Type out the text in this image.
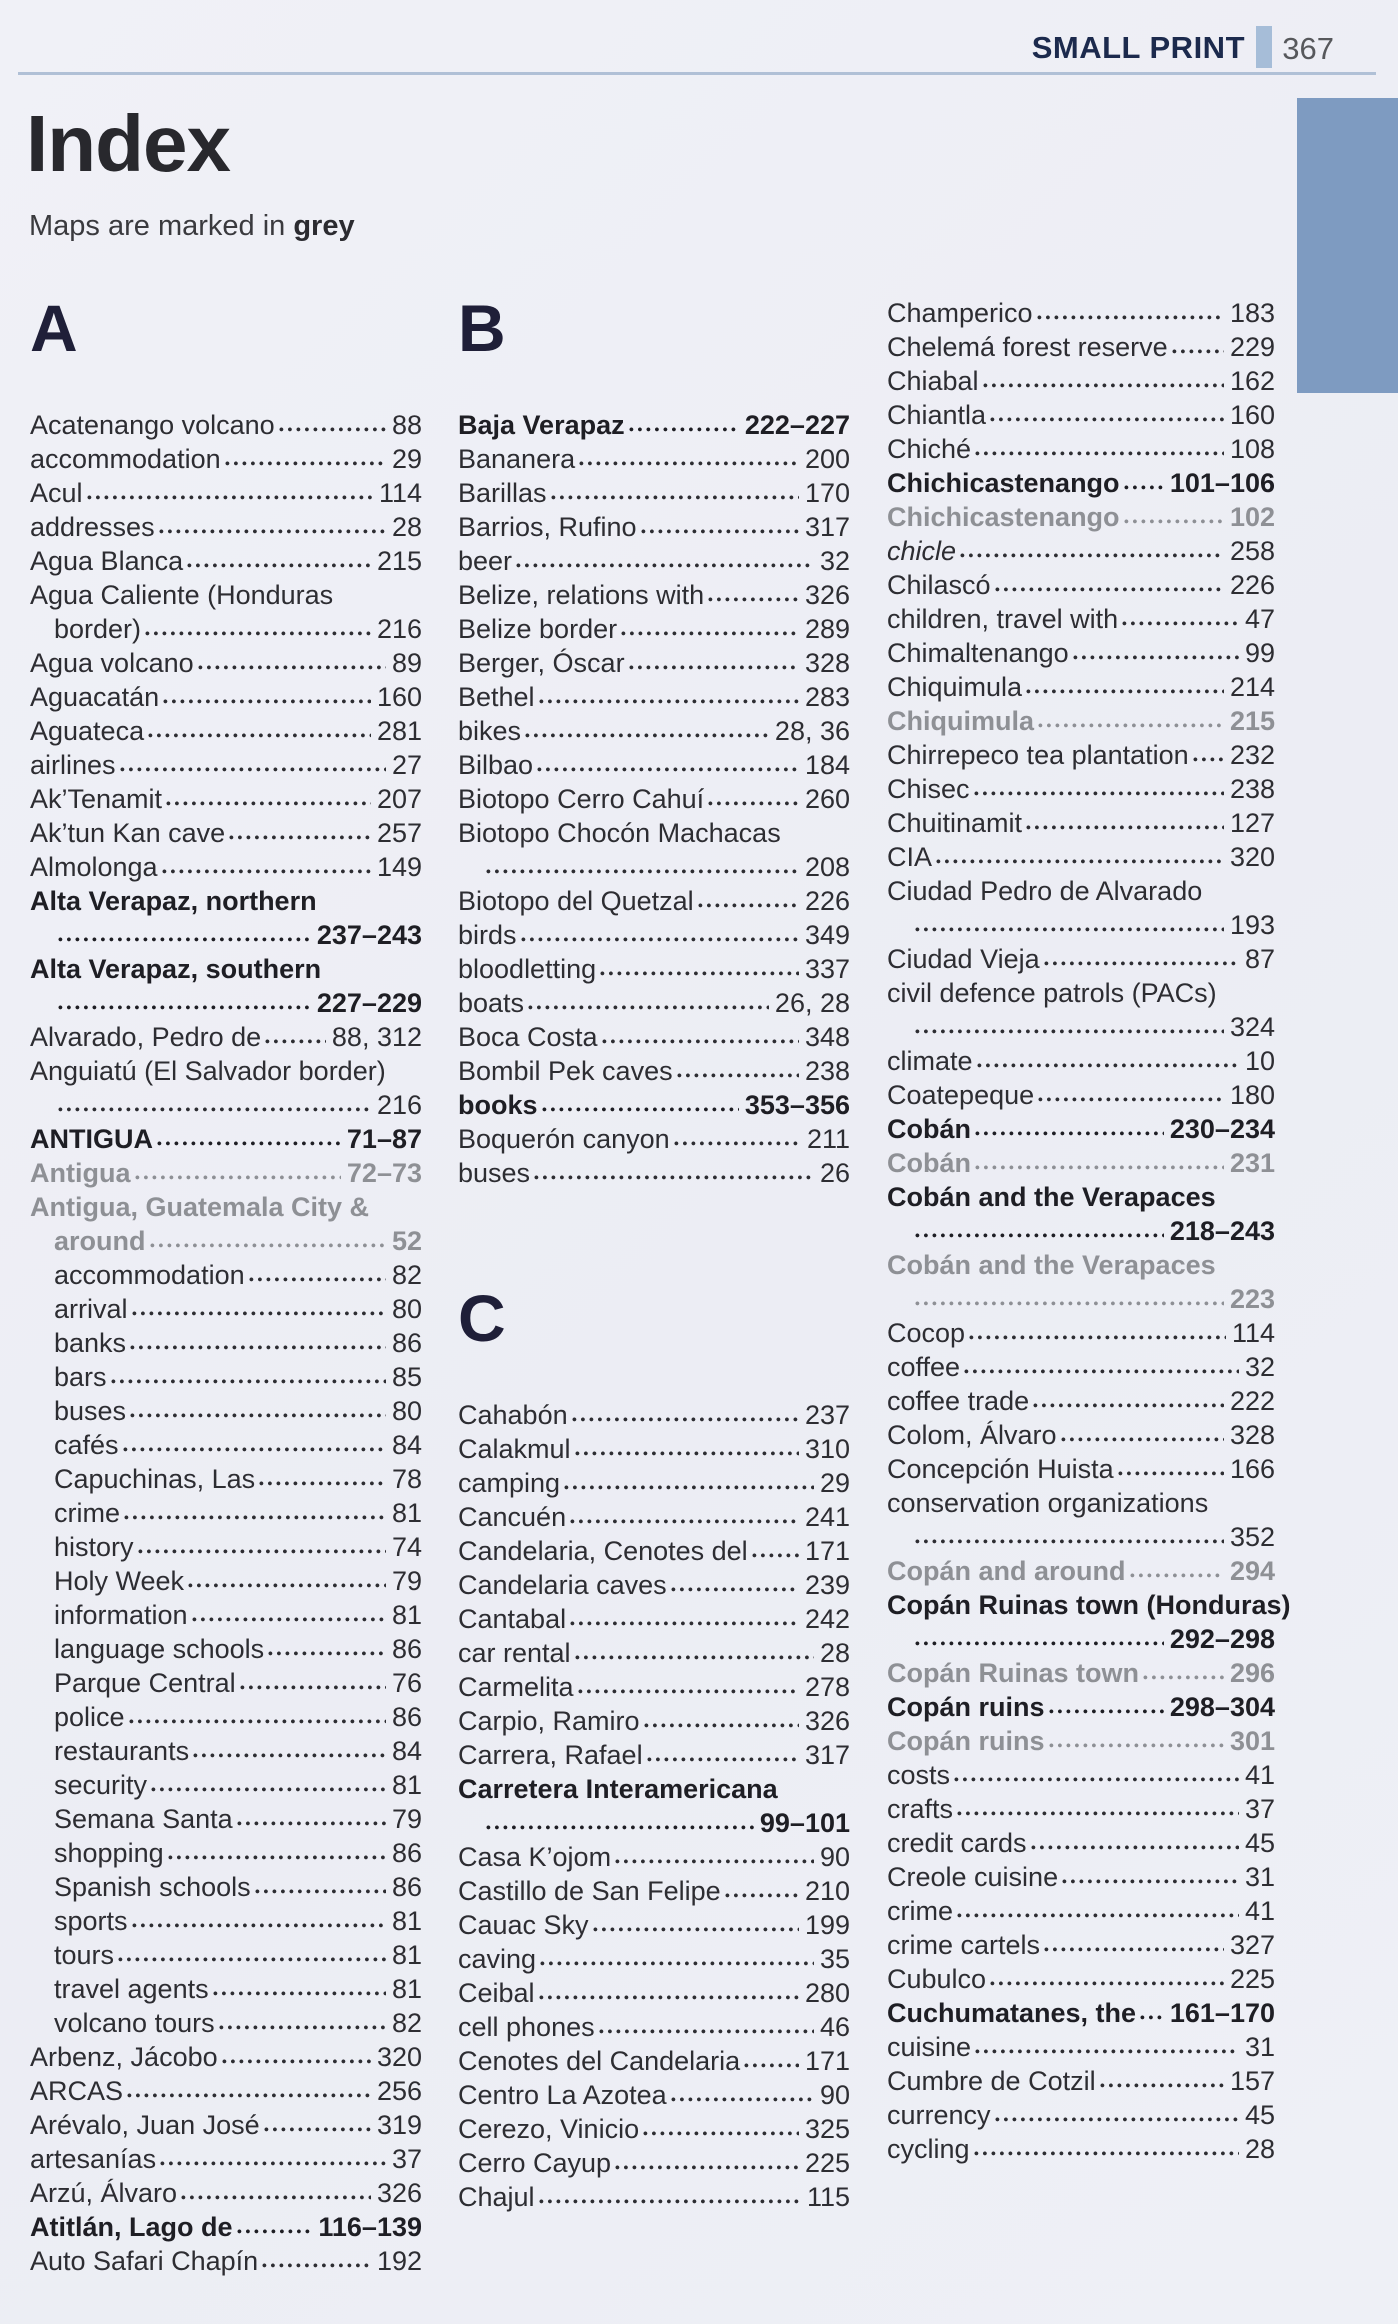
SMALL PRINT 367
Index
Maps are marked in grey
A
Acatenango volcano	88
accommodation	29
Acul	114
addresses	28
Agua Blanca	215
Agua Caliente (Honduras
border)	216
Agua volcano	89
Aguacatán	160
Aguateca	281
airlines	27
Ak’Tenamit	207
Ak’tun Kan cave	257
Almolonga	149
Alta Verapaz, northern
237–243
Alta Verapaz, southern
227–229
Alvarado, Pedro de	88, 312
Anguiatú (El Salvador border)
216
ANTIGUA	71–87
Antigua	72–73
Antigua, Guatemala City &
around	52
accommodation	82
arrival	80
banks	86
bars	85
buses	80
cafés	84
Capuchinas, Las	78
crime	81
history	74
Holy Week	79
information	81
language schools	86
Parque Central	76
police	86
restaurants	84
security	81
Semana Santa	79
shopping	86
Spanish schools	86
sports	81
tours	81
travel agents	81
volcano tours	82
Arbenz, Jácobo	320
ARCAS	256
Arévalo, Juan José	319
artesanías	37
Arzú, Álvaro	326
Atitlán, Lago de	116–139
Auto Safari Chapín	192
B
Baja Verapaz	222–227
Bananera	200
Barillas	170
Barrios, Rufino	317
beer	32
Belize, relations with	326
Belize border	289
Berger, Óscar	328
Bethel	283
bikes	28, 36
Bilbao	184
Biotopo Cerro Cahuí	260
Biotopo Chocón Machacas
208
Biotopo del Quetzal	226
birds	349
bloodletting	337
boats	26, 28
Boca Costa	348
Bombil Pek caves	238
books	353–356
Boquerón canyon	211
buses	26
C
Cahabón	237
Calakmul	310
camping	29
Cancuén	241
Candelaria, Cenotes del 171
Candelaria caves	239
Cantabal	242
car rental	28
Carmelita	278
Carpio, Ramiro	326
Carrera, Rafael	317
Carretera Interamericana
99–101
Casa K’ojom	90
Castillo de San Felipe	210
Cauac Sky	199
caving	35
Ceibal	280
cell phones	46
Cenotes del Candelaria 171
Centro La Azotea	90
Cerezo, Vinicio	325
Cerro Cayup	225
Chajul	115
Champerico	183
Chelemá forest reserve 229
Chiabal	162
Chiantla	160
Chiché	108
Chichicastenango 101–106
Chichicastenango	102
chicle	258
Chilascó	226
children, travel with	47
Chimaltenango	99
Chiquimula	214
Chiquimula	215
Chirrepeco tea plantation 232
Chisec	238
Chuitinamit	127
CIA	320
Ciudad Pedro de Alvarado
193
Ciudad Vieja	87
civil defence patrols (PACs)
324
climate	10
Coatepeque	180
Cobán	230–234
Cobán	231
Cobán and the Verapaces
218–243
Cobán and the Verapaces
223
Cocop	114
coffee	32
coffee trade	222
Colom, Álvaro	328
Concepción Huista	166
conservation organizations
352
Copán and around	294
Copán Ruinas town (Honduras)
292–298
Copán Ruinas town	296
Copán ruins	298–304
Copán ruins	301
costs	41
crafts	37
credit cards	45
Creole cuisine	31
crime	41
crime cartels	327
Cubulco	225
Cuchumatanes, the 161–170
cuisine	31
Cumbre de Cotzil	157
currency	45
cycling	28
